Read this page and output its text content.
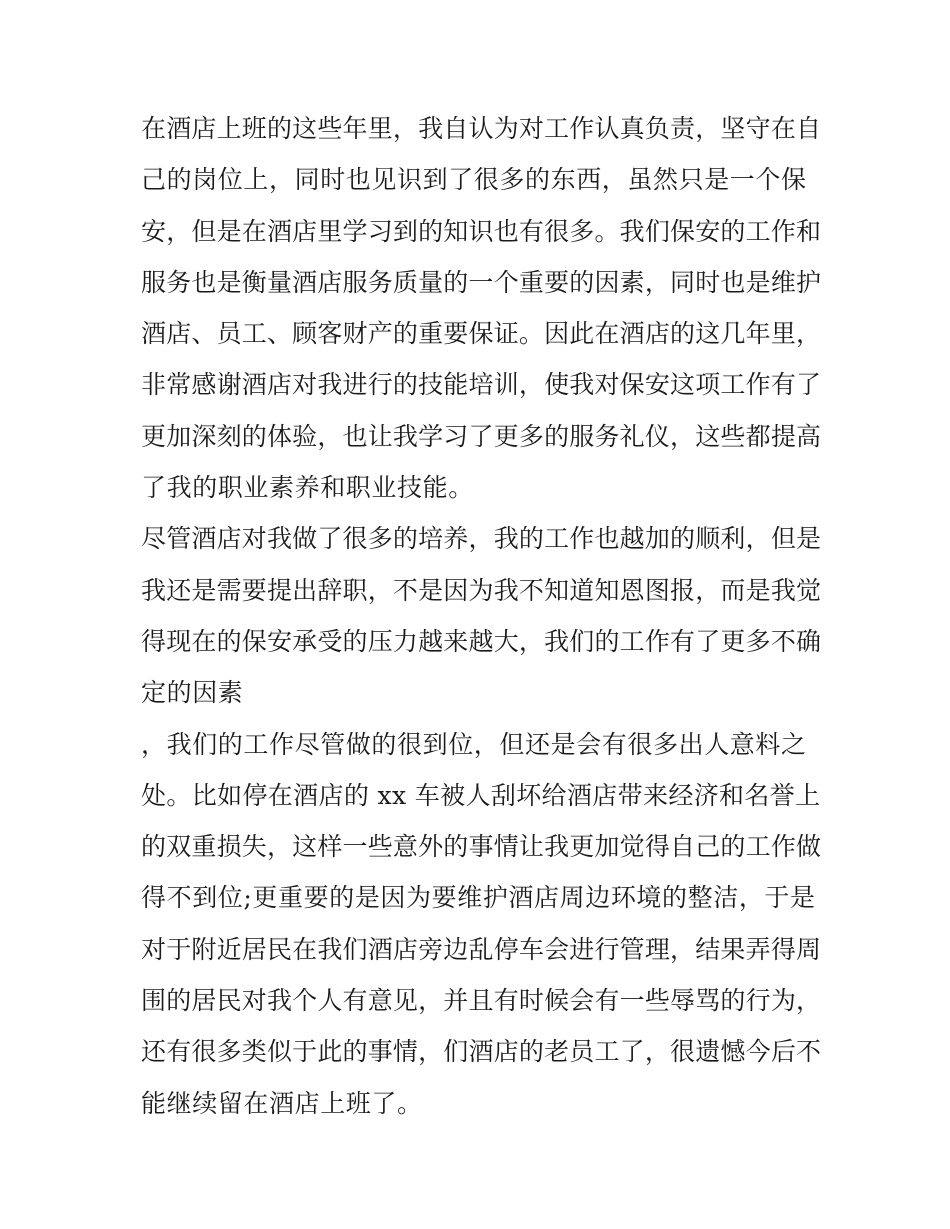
在酒店上班的这些年里，我自认为对工作认真负责，坚守在自
己的岗位上，同时也见识到了很多的东西，虽然只是一个保
安，但是在酒店里学习到的知识也有很多。我们保安的工作和
服务也是衡量酒店服务质量的一个重要的因素，同时也是维护
酒店、员工、顾客财产的重要保证。因此在酒店的这几年里，
非常感谢酒店对我进行的技能培训，使我对保安这项工作有了
更加深刻的体验，也让我学习了更多的服务礼仪，这些都提高
了我的职业素养和职业技能。
尽管酒店对我做了很多的培养，我的工作也越加的顺利，但是
我还是需要提出辞职，不是因为我不知道知恩图报，而是我觉
得现在的保安承受的压力越来越大，我们的工作有了更多不确
定的因素
，我们的工作尽管做的很到位，但还是会有很多出人意料之
处。比如停在酒店的 xx 车被人刮坏给酒店带来经济和名誉上
的双重损失，这样一些意外的事情让我更加觉得自己的工作做
得不到位;更重要的是因为要维护酒店周边环境的整洁，于是
对于附近居民在我们酒店旁边乱停车会进行管理，结果弄得周
围的居民对我个人有意见，并且有时候会有一些辱骂的行为，
还有很多类似于此的事情，们酒店的老员工了，很遗憾今后不
能继续留在酒店上班了。
